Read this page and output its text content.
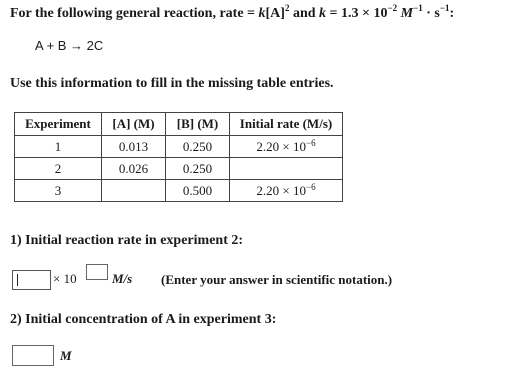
For the following general reaction, rate = $k[A]^2$ and $k = 1.3 \times 10^{-2}$ $M^{-1} \cdot s^{-1}$:
A + B → 2C
Use this information to fill in the missing table entries.
Experiment	[A] (M)	[B] (M)	Initial rate (M/s)
1	0.013	0.250	$2.20 \times 10^{-6}$
2	0.026	0.250	
3		0.500	$2.20 \times 10^{-6}$
1) Initial reaction rate in experiment 2:
× 10	M/s (Enter your answer in scientific notation.)
2) Initial concentration of A in experiment 3:
M
